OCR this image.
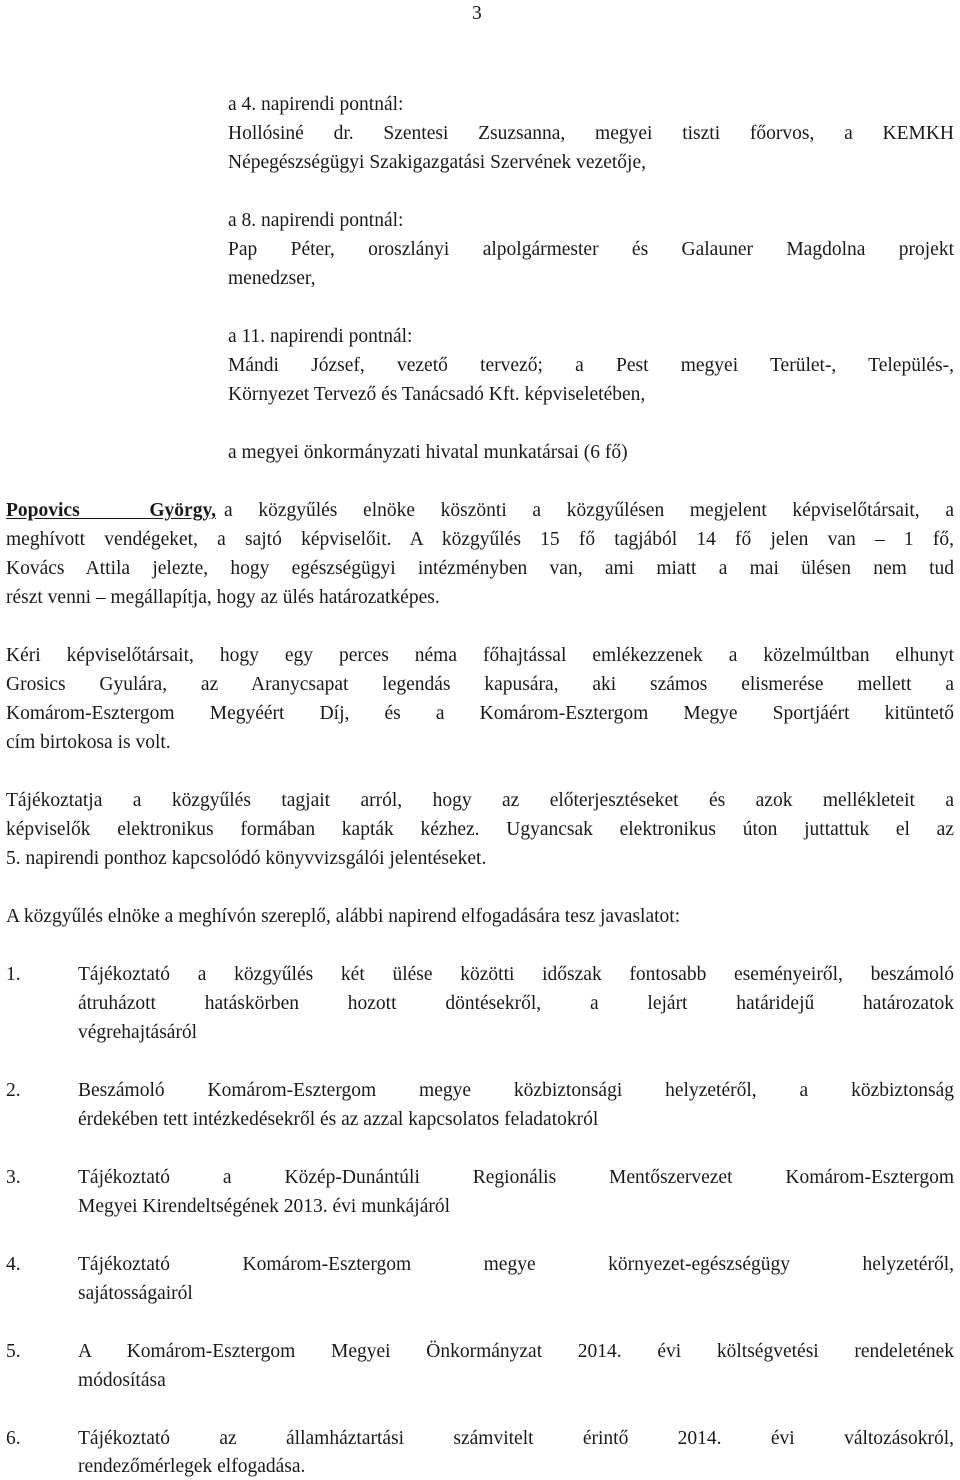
3
a 4. napirendi pontnál:
Hollósiné dr. Szentesi Zsuzsanna, megyei tiszti főorvos, a KEMKH
Népegészségügyi Szakigazgatási Szervének vezetője,
a 8. napirendi pontnál:
Pap Péter, oroszlányi alpolgármester és Galauner Magdolna projekt
menedzser,
a 11. napirendi pontnál:
Mándi József, vezető tervező; a Pest megyei Terület-, Település-,
Környezet Tervező és Tanácsadó Kft. képviseletében,
a megyei önkormányzati hivatal munkatársai (6 fő)
Popovics György, a közgyűlés elnöke köszönti a közgyűlésen megjelent képviselőtársait, a
meghívott vendégeket, a sajtó képviselőit. A közgyűlés 15 fő tagjából 14 fő jelen van – 1 fő,
Kovács Attila jelezte, hogy egészségügyi intézményben van, ami miatt a mai ülésen nem tud
részt venni – megállapítja, hogy az ülés határozatképes.
Kéri képviselőtársait, hogy egy perces néma főhajtással emlékezzenek a közelmúltban elhunyt
Grosics Gyulára, az Aranycsapat legendás kapusára, aki számos elismerése mellett a
Komárom-Esztergom Megyéért Díj, és a Komárom-Esztergom Megye Sportjáért kitüntető
cím birtokosa is volt.
Tájékoztatja a közgyűlés tagjait arról, hogy az előterjesztéseket és azok mellékleteit a
képviselők elektronikus formában kapták kézhez. Ugyancsak elektronikus úton juttattuk el az
5. napirendi ponthoz kapcsolódó könyvvizsgálói jelentéseket.
A közgyűlés elnöke a meghívón szereplő, alábbi napirend elfogadására tesz javaslatot:
1.	Tájékoztató a közgyűlés két ülése közötti időszak fontosabb eseményeiről, beszámoló
átruházott hatáskörben hozott döntésekről, a lejárt határidejű határozatok
végrehajtásáról
2.	Beszámoló Komárom-Esztergom megye közbiztonsági helyzetéről, a közbiztonság
érdekében tett intézkedésekről és az azzal kapcsolatos feladatokról
3.	Tájékoztató a Közép-Dunántúli Regionális Mentőszervezet Komárom-Esztergom
Megyei Kirendeltségének 2013. évi munkájáról
4.	Tájékoztató Komárom-Esztergom megye környezet-egészségügy helyzetéről,
sajátosságairól
5.	A Komárom-Esztergom Megyei Önkormányzat 2014. évi költségvetési rendeletének
módosítása
6.	Tájékoztató az államháztartási számvitelt érintő 2014. évi változásokról,
rendezőmérlegek elfogadása.
